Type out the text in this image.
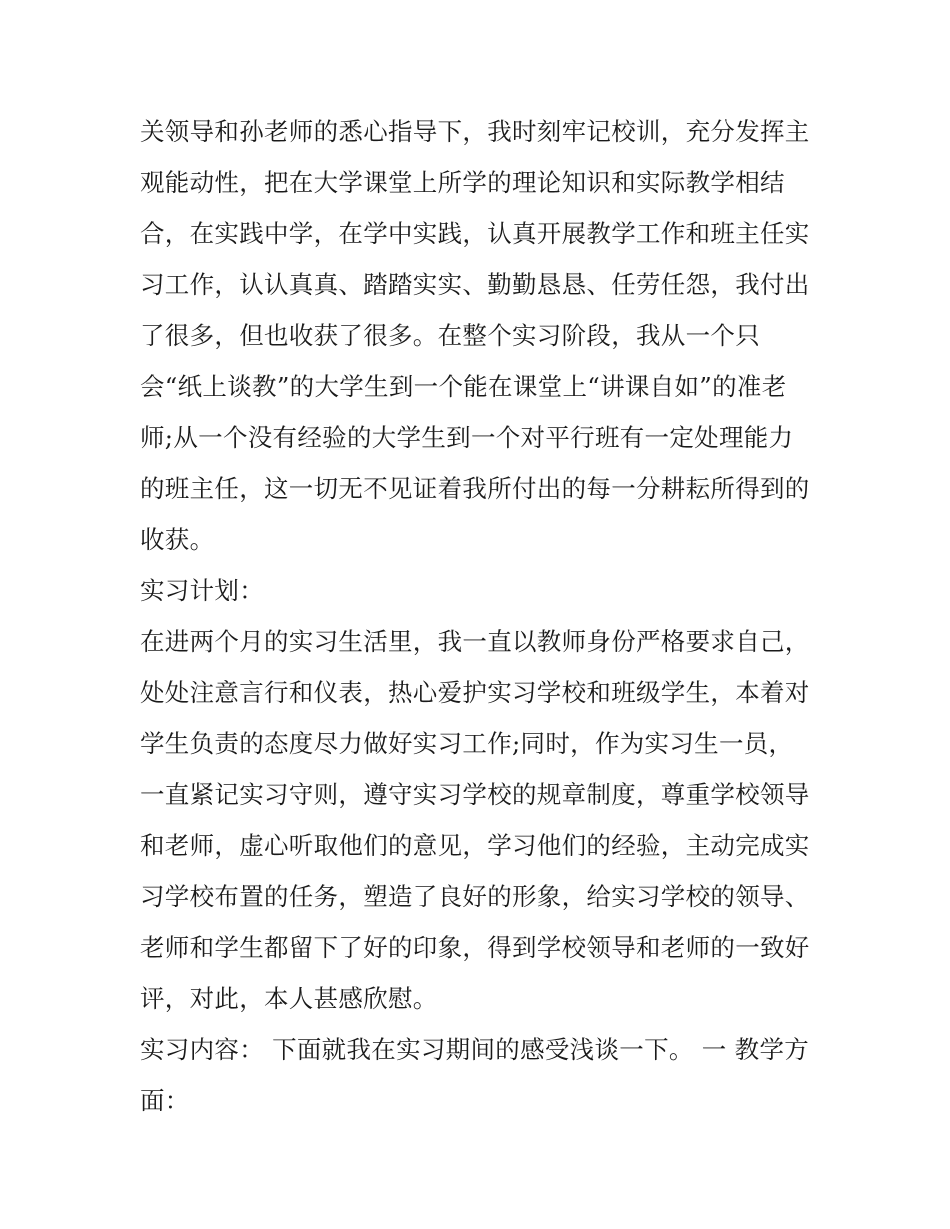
关领导和孙老师的悉心指导下，我时刻牢记校训，充分发挥主
观能动性，把在大学课堂上所学的理论知识和实际教学相结
合，在实践中学，在学中实践，认真开展教学工作和班主任实
习工作，认认真真、踏踏实实、勤勤恳恳、任劳任怨，我付出
了很多，但也收获了很多。在整个实习阶段，我从一个只
会“纸上谈教”的大学生到一个能在课堂上“讲课自如”的准老
师;从一个没有经验的大学生到一个对平行班有一定处理能力
的班主任，这一切无不见证着我所付出的每一分耕耘所得到的
收获。
实习计划：
在进两个月的实习生活里，我一直以教师身份严格要求自己，
处处注意言行和仪表，热心爱护实习学校和班级学生，本着对
学生负责的态度尽力做好实习工作;同时，作为实习生一员，
一直紧记实习守则，遵守实习学校的规章制度，尊重学校领导
和老师，虚心听取他们的意见，学习他们的经验，主动完成实
习学校布置的任务，塑造了良好的形象，给实习学校的领导、
老师和学生都留下了好的印象，得到学校领导和老师的一致好
评，对此，本人甚感欣慰。
实习内容： 下面就我在实习期间的感受浅谈一下。 一 教学方
面：
